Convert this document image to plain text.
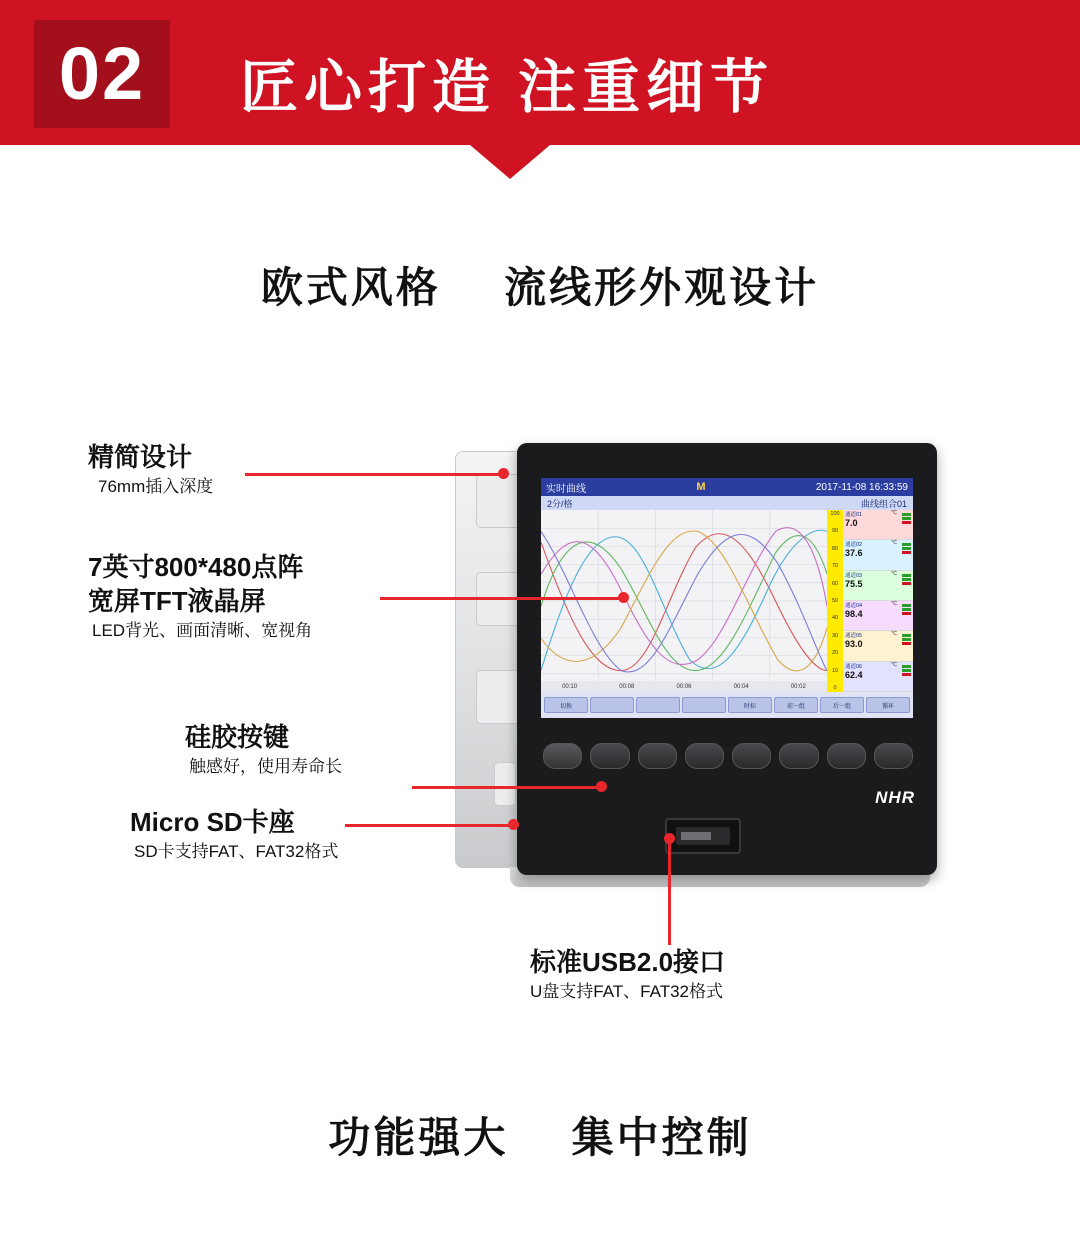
02 匠心打造 注重细节
欧式风格 流线形外观设计
实时曲线	M	2017-11-08 16:33:59
2分/格	曲线组合01
00:10	00:08	00:06	00:04	00:02
100
90
80
70
60
50
40
30
20
10
0
通道01	℃
7.0
通道02	℃
37.6
通道03	℃
75.5
通道04	℃
98.4
通道05	℃
93.0
通道06	℃
62.4
切换	时标	前一组	后一组	循环
NHR
精简设计
76mm插入深度
7英寸800*480点阵
宽屏TFT液晶屏
LED背光、画面清晰、宽视角
硅胶按键
触感好，使用寿命长
Micro SD卡座
SD卡支持FAT、FAT32格式
标准USB2.0接口
U盘支持FAT、FAT32格式
功能强大 集中控制
